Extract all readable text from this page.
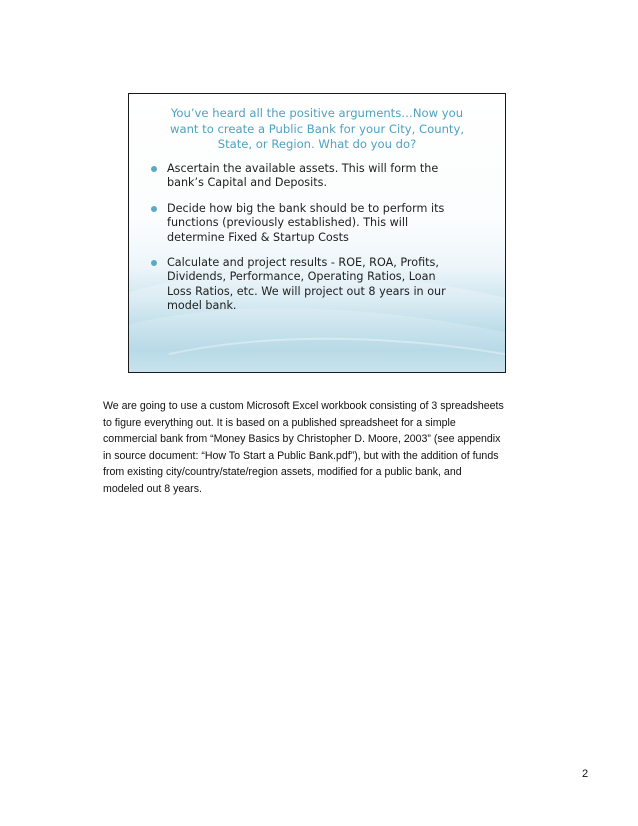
You’ve heard all the positive arguments…Now you
want to create a Public Bank for your City, County,
State, or Region. What do you do?
Ascertain the available assets. This will form the
bank’s Capital and Deposits.
Decide how big the bank should be to perform its
functions (previously established). This will
determine Fixed & Startup Costs
Calculate and project results - ROE, ROA, Profits,
Dividends, Performance, Operating Ratios, Loan
Loss Ratios, etc. We will project out 8 years in our
model bank.
We are going to use a custom Microsoft Excel workbook consisting of 3 spreadsheets
to figure everything out. It is based on a published spreadsheet for a simple
commercial bank from “Money Basics by Christopher D. Moore, 2003” (see appendix
in source document: “How To Start a Public Bank.pdf”), but with the addition of funds
from existing city/country/state/region assets, modified for a public bank, and
modeled out 8 years.
2
